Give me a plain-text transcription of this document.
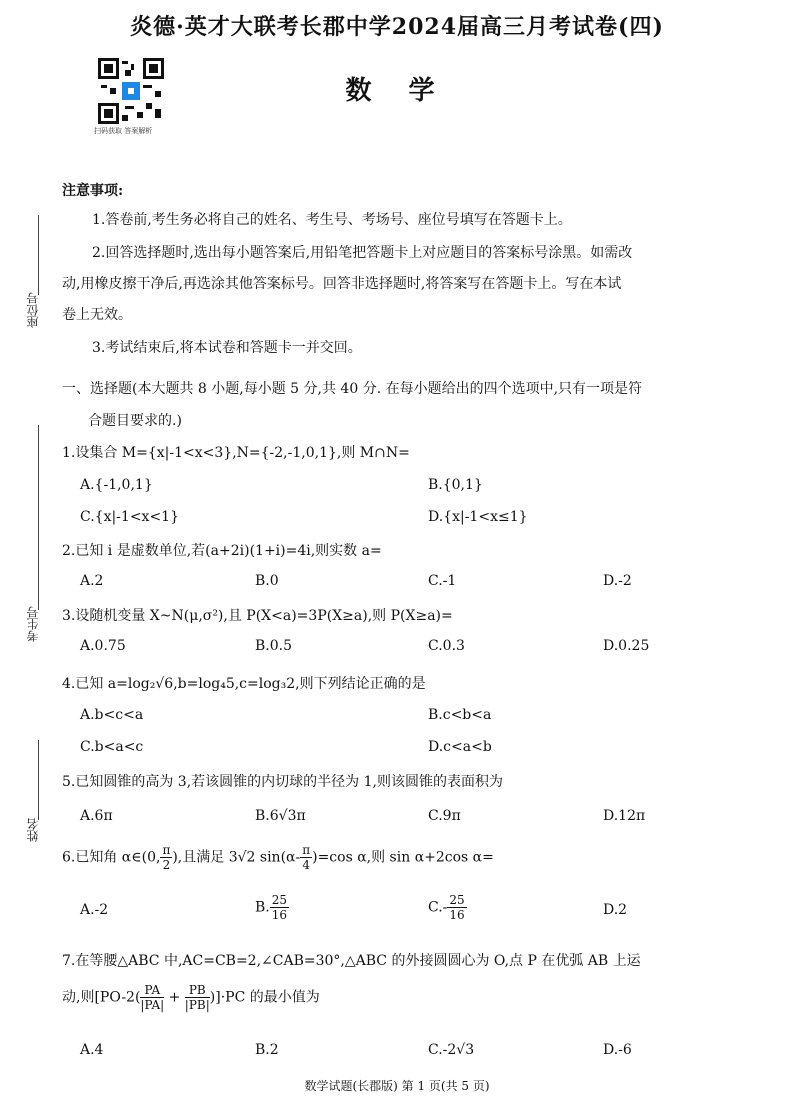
炎德·英才大联考长郡中学2024届高三月考试卷(四)
数 学
扫码获取 答案解析
座位号
考生号
姓名
注意事项:
1.答卷前,考生务必将自己的姓名、考生号、考场号、座位号填写在答题卡上。
2.回答选择题时,选出每小题答案后,用铅笔把答题卡上对应题目的答案标号涂黑。如需改
动,用橡皮擦干净后,再选涂其他答案标号。回答非选择题时,将答案写在答题卡上。写在本试
卷上无效。
3.考试结束后,将本试卷和答题卡一并交回。
一、选择题(本大题共 8 小题,每小题 5 分,共 40 分. 在每小题给出的四个选项中,只有一项是符
合题目要求的.)
1.设集合 M={x|-1<x<3},N={-2,-1,0,1},则 M∩N=
A.{-1,0,1}	B.{0,1}
C.{x|-1<x<1}	D.{x|-1<x≤1}
2.已知 i 是虚数单位,若(a+2i)(1+i)=4i,则实数 a=
A.2	B.0	C.-1	D.-2
3.设随机变量 X~N(μ,σ²),且 P(X<a)=3P(X≥a),则 P(X≥a)=
A.0.75	B.0.5	C.0.3	D.0.25
4.已知 a=log₂√6,b=log₄5,c=log₃2,则下列结论正确的是
A.b<c<a	B.c<b<a
C.b<a<c	D.c<a<b
5.已知圆锥的高为 3,若该圆锥的内切球的半径为 1,则该圆锥的表面积为
A.6π	B.6√3π	C.9π	D.12π
6.已知角 α∈(0, $\frac{\pi}{2}$ ),且满足 3√2 $\sin(\alpha- \frac{\pi}{4} )=\cos$ α,则 sin α+2cos α=
A.-2	B. $\frac{25}{16}$	$C.- \frac{25}{16}$	D.2
7.在等腰△ABC 中,AC=CB=2,∠CAB=30°,△ABC 的外接圆圆心为 O,点 P 在优弧 AB 上运
动,则$[PO-2( \frac{PA}{|PA|} + \frac{PB}{|PB|} )]\cdot PC$ 的最小值为
A.4	B.2	C.-2√3	D.-6
数学试题(长郡版) 第 1 页(共 5 页)
